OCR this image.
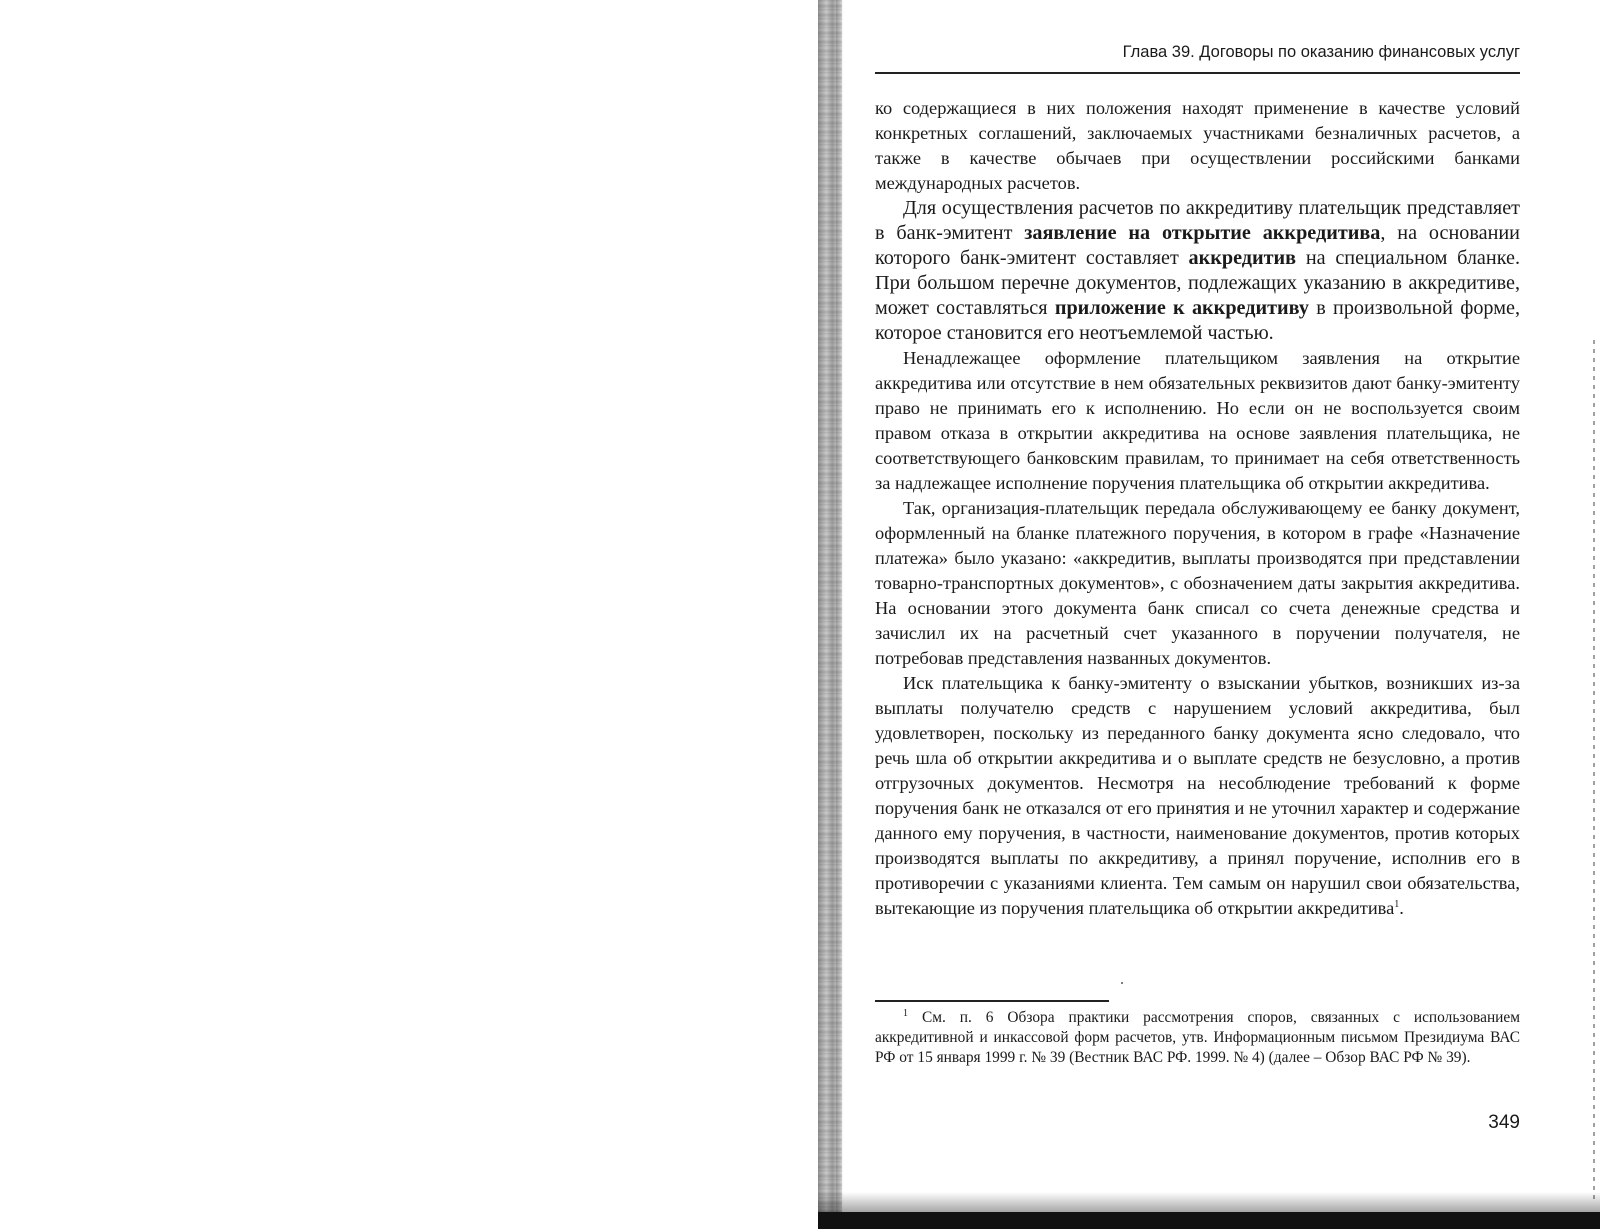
Глава 39. Договоры по оказанию финансовых услуг

ко содержащиеся в них положения находят применение в качестве условий конкретных соглашений, заключаемых участниками безналичных расчетов, а также в качестве обычаев при осуществлении российскими банками международных расчетов.

Для осуществления расчетов по аккредитиву плательщик представляет в банк-эмитент заявление на открытие аккредитива, на основании которого банк-эмитент составляет аккредитив на специальном бланке. При большом перечне документов, подлежащих указанию в аккредитиве, может составляться приложение к аккредитиву в произвольной форме, которое становится его неотъемлемой частью.

Ненадлежащее оформление плательщиком заявления на открытие аккредитива или отсутствие в нем обязательных реквизитов дают банку-эмитенту право не принимать его к исполнению. Но если он не воспользуется своим правом отказа в открытии аккредитива на основе заявления плательщика, не соответствующего банковским правилам, то принимает на себя ответственность за надлежащее исполнение поручения плательщика об открытии аккредитива.

Так, организация-плательщик передала обслуживающему ее банку документ, оформленный на бланке платежного поручения, в котором в графе «Назначение платежа» было указано: «аккредитив, выплаты производятся при представлении товарно-транспортных документов», с обозначением даты закрытия аккредитива. На основании этого документа банк списал со счета денежные средства и зачислил их на расчетный счет указанного в поручении получателя, не потребовав представления названных документов.

Иск плательщика к банку-эмитенту о взыскании убытков, возникших из-за выплаты получателю средств с нарушением условий аккредитива, был удовлетворен, поскольку из переданного банку документа ясно следовало, что речь шла об открытии аккредитива и о выплате средств не безусловно, а против отгрузочных документов. Несмотря на несоблюдение требований к форме поручения банк не отказался от его принятия и не уточнил характер и содержание данного ему поручения, в частности, наименование документов, против которых производятся выплаты по аккредитиву, а принял поручение, исполнив его в противоречии с указаниями клиента. Тем самым он нарушил свои обязательства, вытекающие из поручения плательщика об открытии аккредитива$^1$.

$^1$ См. п. 6 Обзора практики рассмотрения споров, связанных с использованием аккредитивной и инкассовой форм расчетов, утв. Информационным письмом Президиума ВАС РФ от 15 января 1999 г. № 39 (Вестник ВАС РФ. 1999. № 4) (далее – Обзор ВАС РФ № 39).

349
